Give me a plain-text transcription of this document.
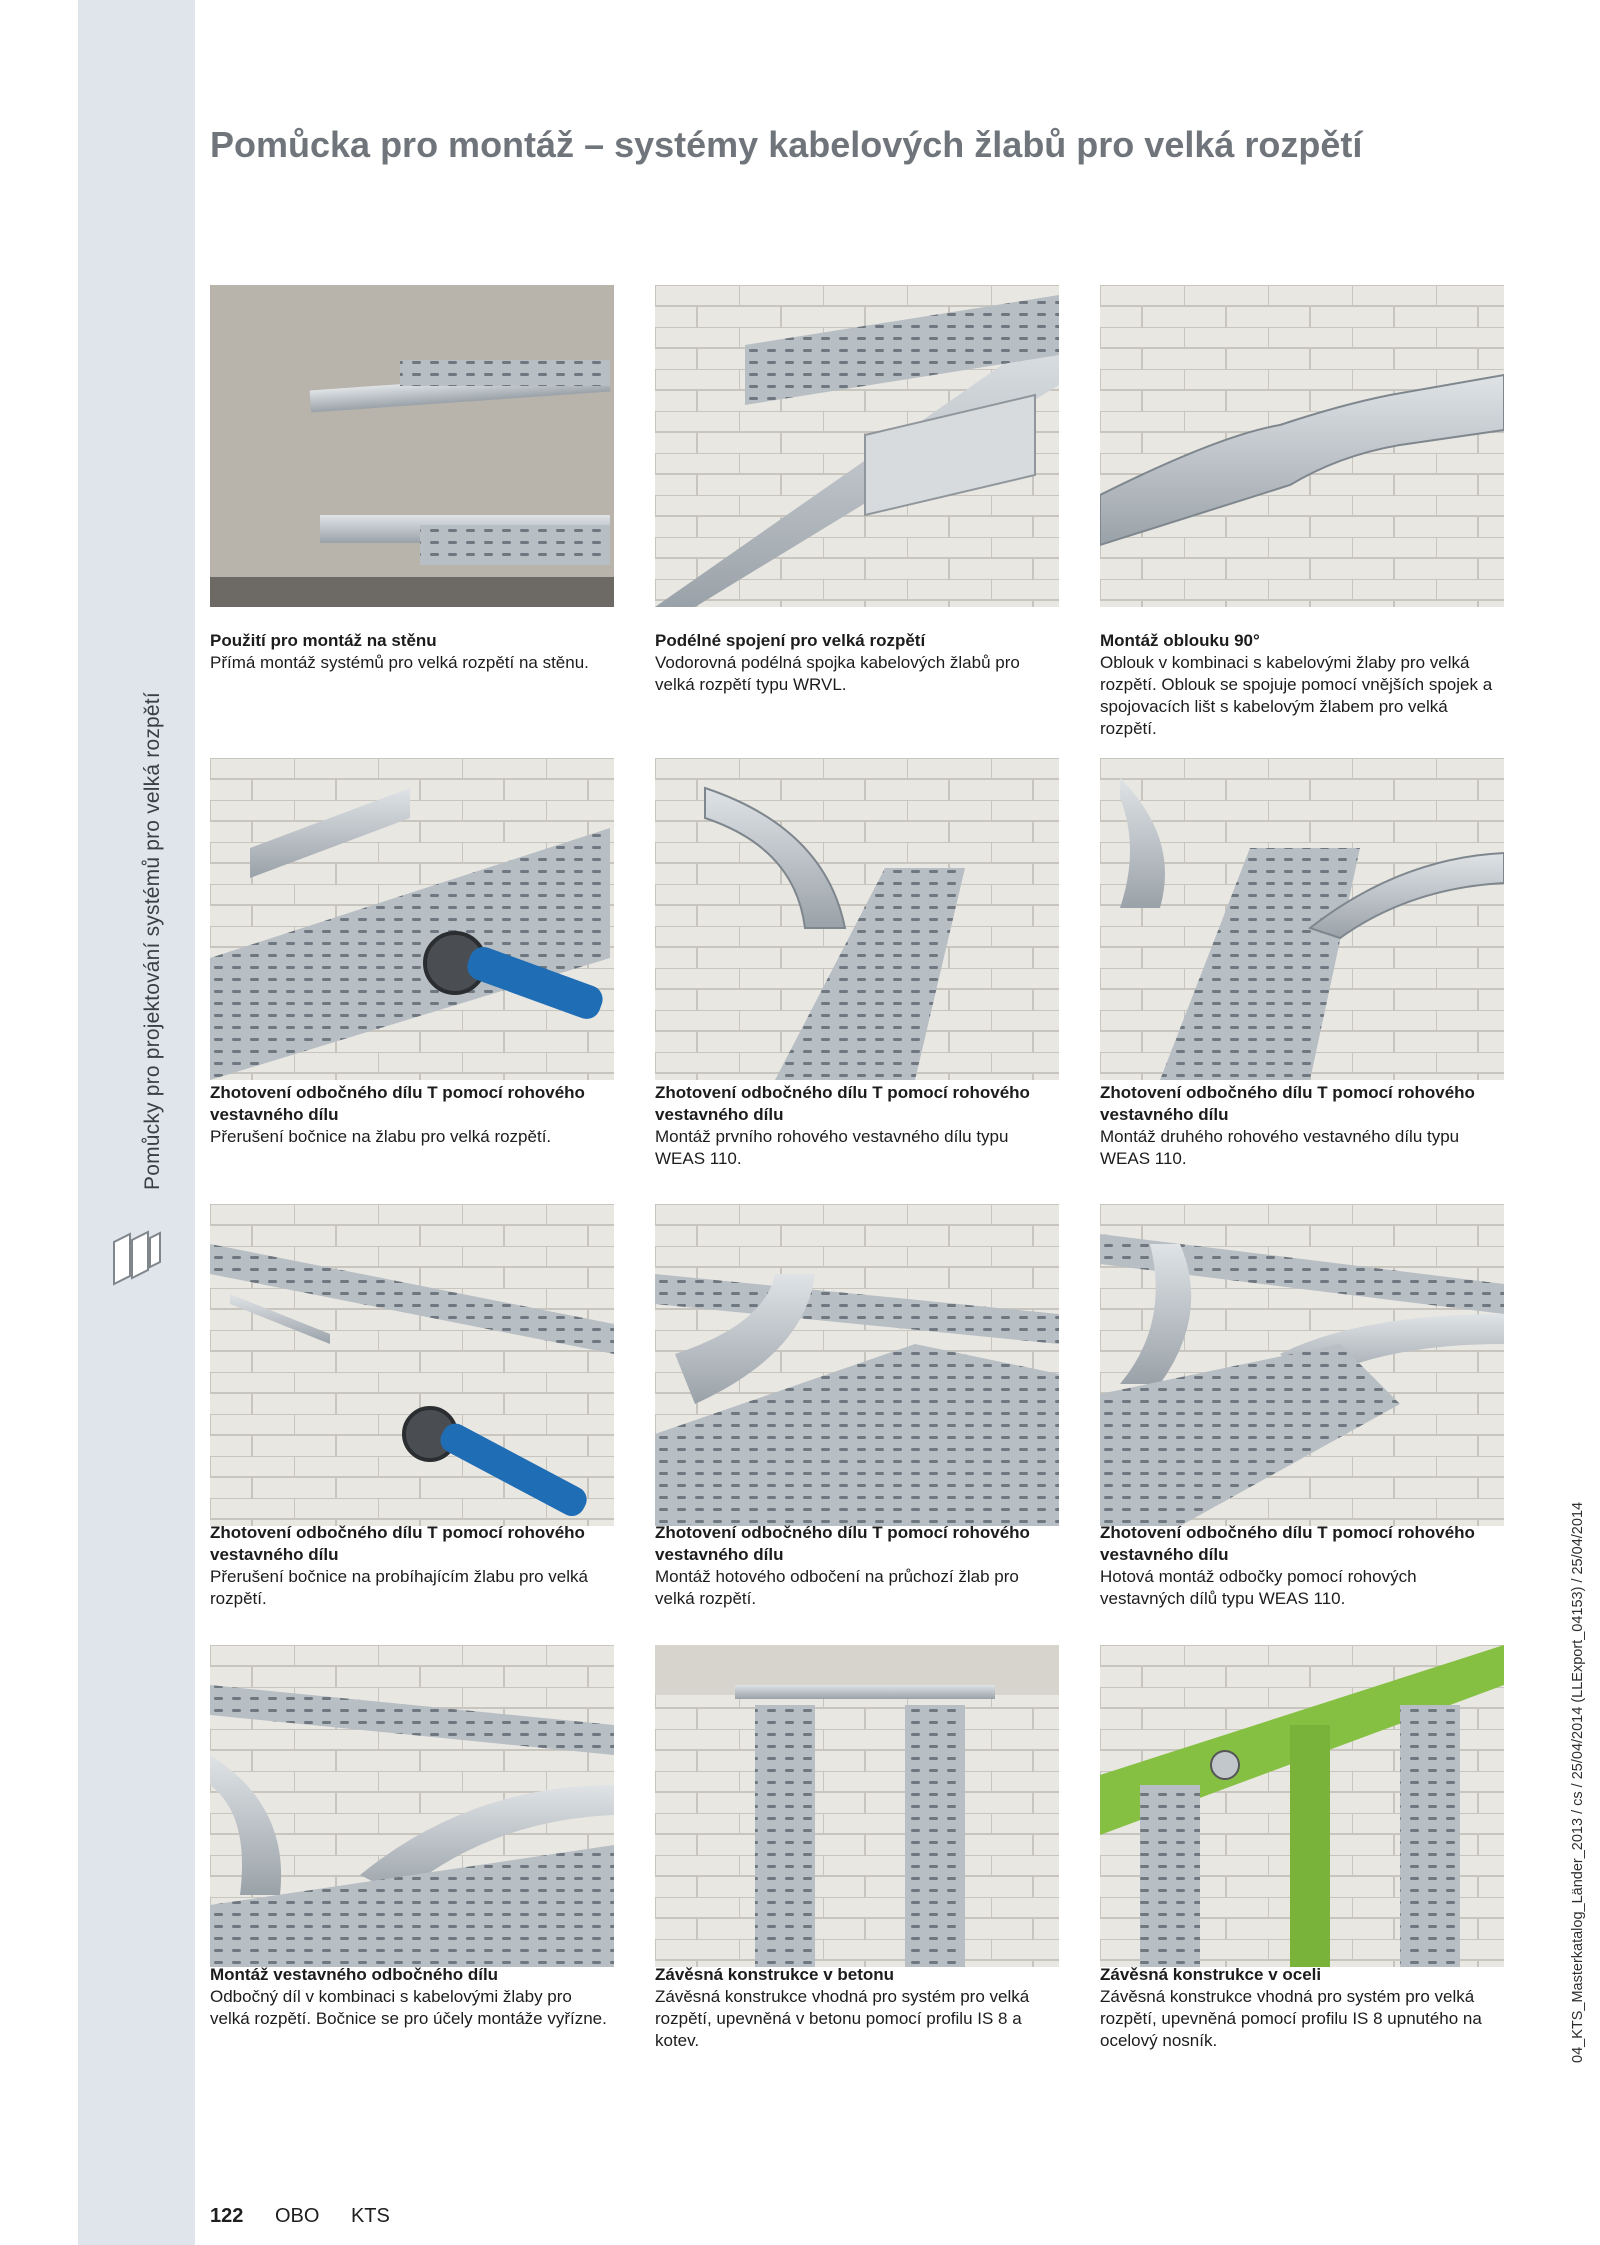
Pomůcky pro projektování systémů pro velká rozpětí
Pomůcka pro montáž – systémy kabelových žlabů pro velká rozpětí
Použití pro montáž na stěnu
Přímá montáž systémů pro velká rozpětí na stěnu.
Podélné spojení pro velká rozpětí
Vodorovná podélná spojka kabelových žlabů pro velká rozpětí typu WRVL.
Montáž oblouku 90°
Oblouk v kombinaci s kabelovými žlaby pro velká rozpětí. Oblouk se spojuje pomocí vnějších spojek a spojovacích lišt s kabelovým žlabem pro velká rozpětí.
Zhotovení odbočného dílu T pomocí rohového vestavného dílu
Přerušení bočnice na žlabu pro velká rozpětí.
Zhotovení odbočného dílu T pomocí rohového vestavného dílu
Montáž prvního rohového vestavného dílu typu WEAS 110.
Zhotovení odbočného dílu T pomocí rohového vestavného dílu
Montáž druhého rohového vestavného dílu typu WEAS 110.
Zhotovení odbočného dílu T pomocí rohového vestavného dílu
Přerušení bočnice na probíhajícím žlabu pro velká rozpětí.
Zhotovení odbočného dílu T pomocí rohového vestavného dílu
Montáž hotového odbočení na průchozí žlab pro velká rozpětí.
Zhotovení odbočného dílu T pomocí rohového vestavného dílu
Hotová montáž odbočky pomocí rohových vestavných dílů typu WEAS 110.
Montáž vestavného odbočného dílu
Odbočný díl v kombinaci s kabelovými žlaby pro velká rozpětí. Bočnice se pro účely montáže vyřízne.
Závěsná konstrukce v betonu
Závěsná konstrukce vhodná pro systém pro velká rozpětí, upevněná v betonu pomocí profilu IS 8 a kotev.
Závěsná konstrukce v oceli
Závěsná konstrukce vhodná pro systém pro velká rozpětí, upevněná pomocí profilu IS 8 upnutého na ocelový nosník.	04_KTS_Masterkatalog_Länder_2013 / cs / 25/04/2014 (LLExport_04153) / 25/04/2014
122 OBO KTS
